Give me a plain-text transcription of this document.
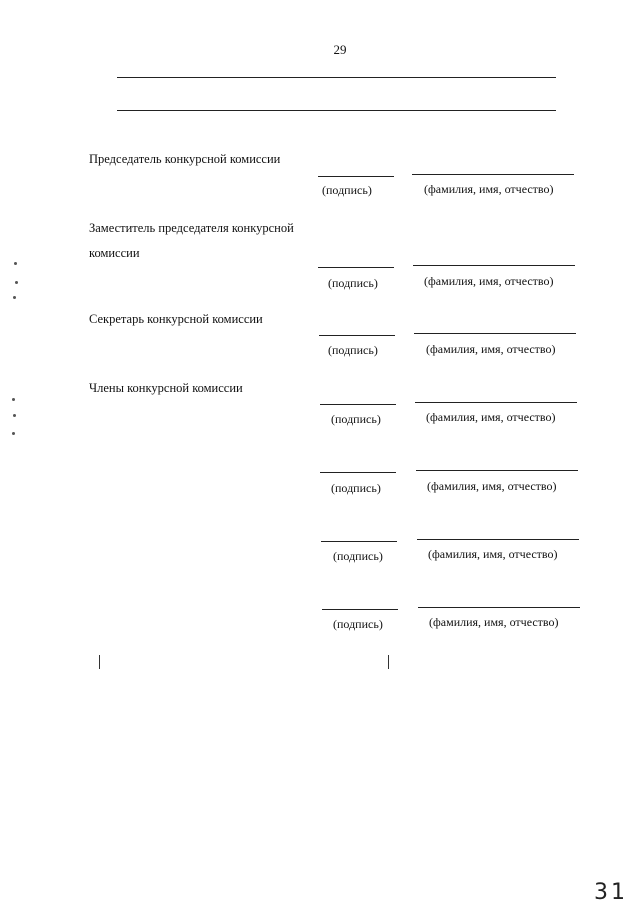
29
Председатель конкурсной комиссии
(подпись)	(фамилия, имя, отчество)
Заместитель председателя конкурсной
комиссии
(подпись)	(фамилия, имя, отчество)
Секретарь конкурсной комиссии
(подпись)	(фамилия, имя, отчество)
Члены конкурсной комиссии
(подпись)	(фамилия, имя, отчество)
(подпись)	(фамилия, имя, отчество)
(подпись)	(фамилия, имя, отчество)
(подпись)	(фамилия, имя, отчество)
31
